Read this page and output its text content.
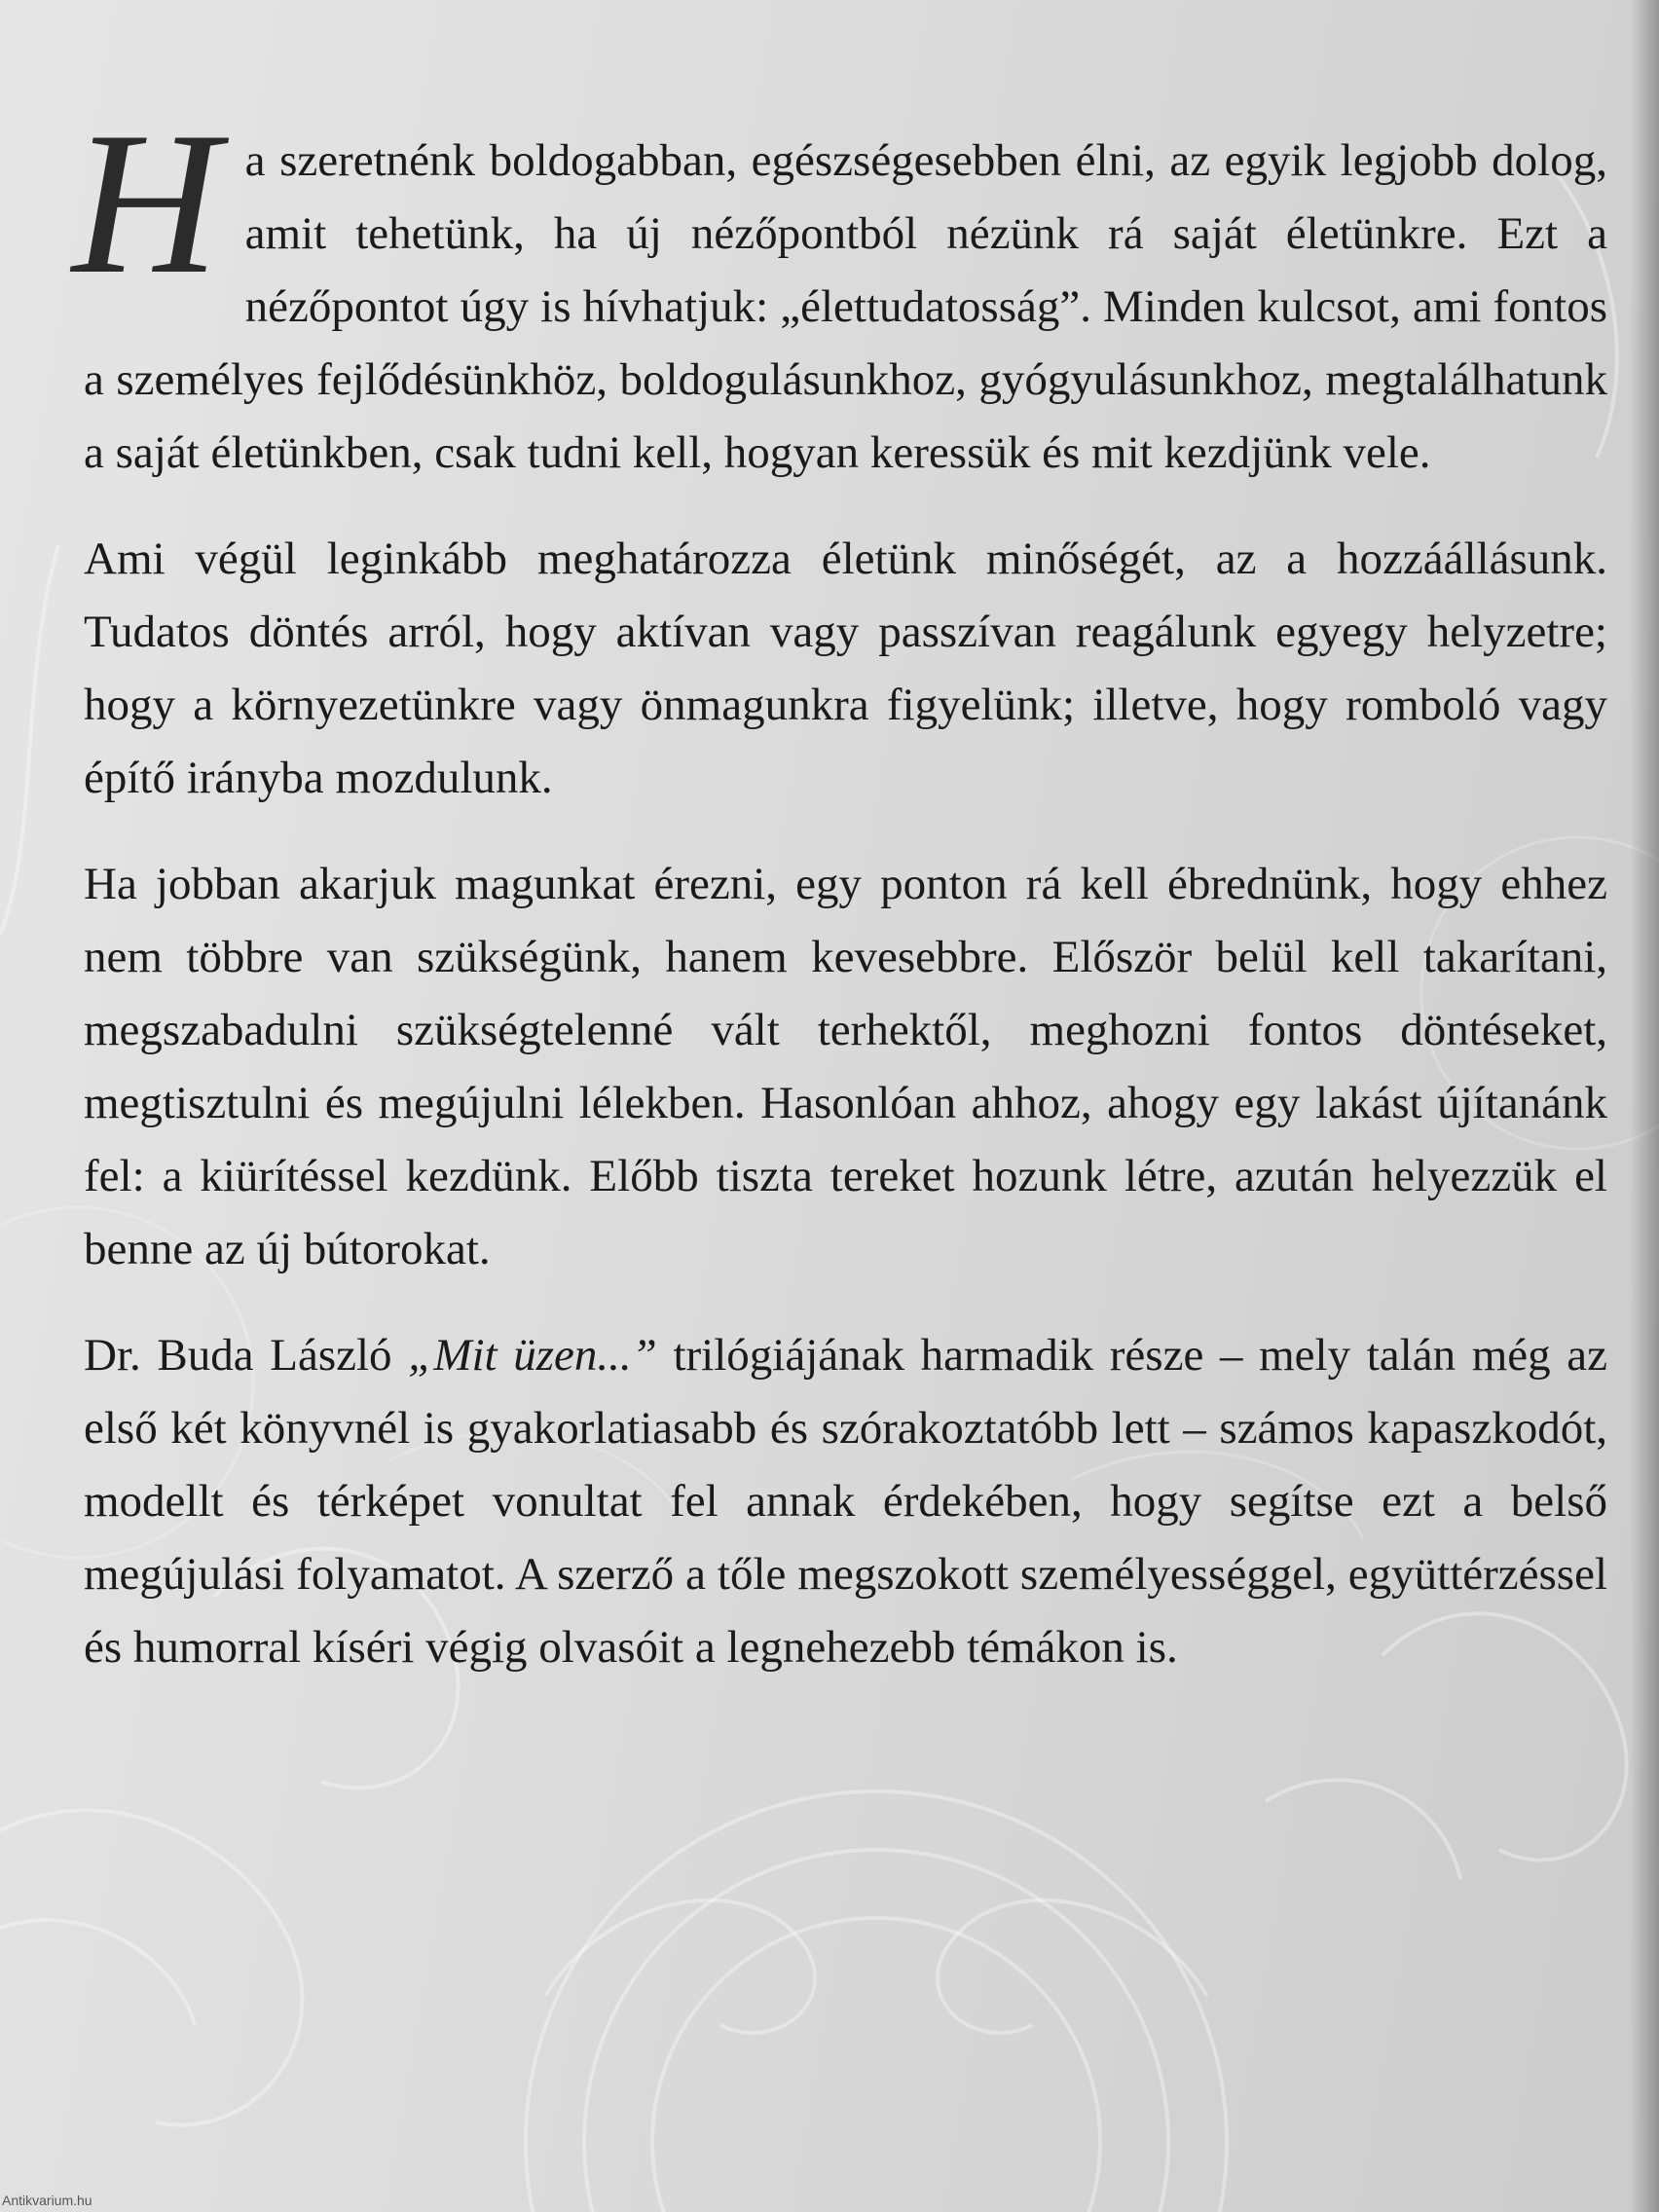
Ha szeretnénk boldogabban, egészségesebben élni, az egyik legjobb dolog, amit tehetünk, ha új nézőpontból nézünk rá saját életünkre. Ezt a nézőpontot úgy is hívhatjuk: „élettudatosság”. Minden kulcsot, ami fontos a személyes fejlődésünkhöz, boldogulásunkhoz, gyógyulásunkhoz, megtalálhatunk a saját életünkben, csak tudni kell, hogyan keressük és mit kezdjünk vele.

Ami végül leginkább meghatározza életünk minőségét, az a hozzáállásunk. Tudatos döntés arról, hogy aktívan vagy passzívan reagálunk egyegy helyzetre; hogy a környezetünkre vagy önmagunkra figyelünk; illetve, hogy romboló vagy építő irányba mozdulunk.

Ha jobban akarjuk magunkat érezni, egy ponton rá kell ébrednünk, hogy ehhez nem többre van szükségünk, hanem kevesebbre. Először belül kell takarítani, megszabadulni szükségtelenné vált terhektől, meghozni fontos döntéseket, megtisztulni és megújulni lélekben. Hasonlóan ahhoz, ahogy egy lakást újítanánk fel: a kiürítéssel kezdünk. Előbb tiszta tereket hozunk létre, azután helyezzük el benne az új bútorokat.

Dr. Buda László „Mit üzen...” trilógiájának harmadik része – mely talán még az első két könyvnél is gyakorlatiasabb és szórakoztatóbb lett – számos kapaszkodót, modellt és térképet vonultat fel annak érdekében, hogy segítse ezt a belső megújulási folyamatot. A szerző a tőle megszokott személyességgel, együttérzéssel és humorral kíséri végig olvasóit a legnehezebb témákon is.

Antikvarium.hu
